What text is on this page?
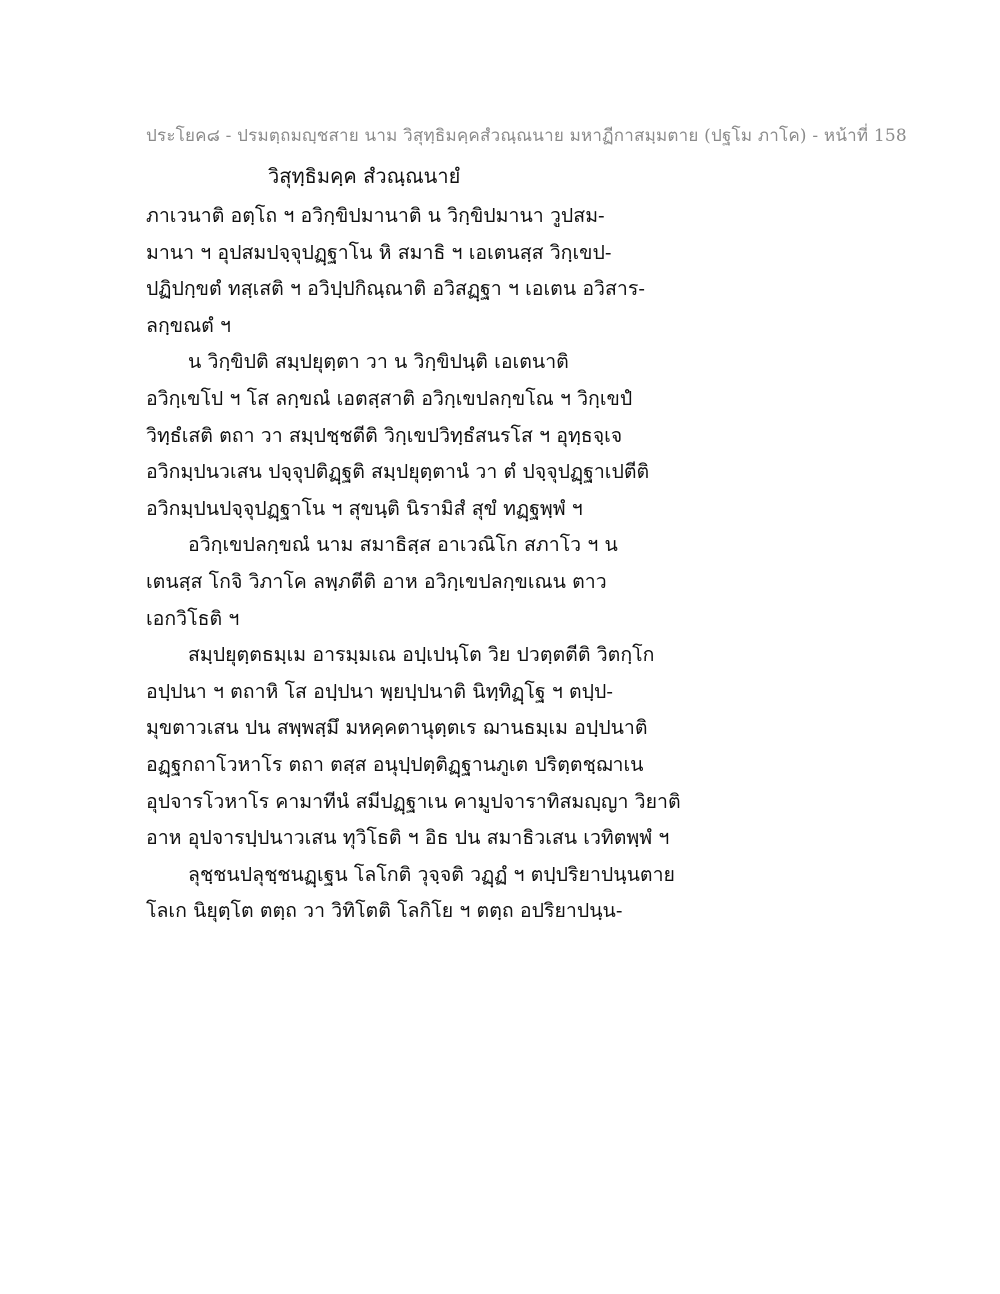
ประโยค๘ - ปรมตฺถมญฺชสาย นาม วิสุทฺธิมคฺคสํวณฺณนาย มหาฏีกาสมฺมตาย (ปฐโม ภาโค) - หน้าที่ 158
วิสุทฺธิมคฺค สํวณฺณนายํ
ภาเวนาติ อตฺโถ ฯ อวิกฺขิปมานาติ น วิกฺขิปมานา วูปสม-
มานา ฯ อุปสมปจฺจุปฏฺฐาโน หิ สมาธิ ฯ เอเตนสฺส วิกฺเขป-
ปฏิปกฺขตํ ทสฺเสติ ฯ อวิปฺปกิณฺณาติ อวิสฏฺฐา ฯ เอเตน อวิสาร-
ลกฺขณตํ ฯ
น วิกฺขิปติ สมฺปยุตฺตา วา น วิกฺขิปนฺติ เอเตนาติ
อวิกฺเขโป ฯ โส ลกฺขณํ เอตสฺสาติ อวิกฺเขปลกฺขโณ ฯ วิกฺเขปํ
วิทฺธํเสติ ตถา วา สมฺปชฺชตีติ วิกฺเขปวิทฺธํสนรโส ฯ อุทฺธจฺเจ
อวิกมฺปนวเสน ปจฺจุปติฏฺฐติ สมฺปยุตฺตานํ วา ตํ ปจฺจุปฏฺฐาเปตีติ
อวิกมฺปนปจฺจุปฏฺฐาโน ฯ สุขนฺติ นิรามิสํ สุขํ ทฏฺฐพฺพํ ฯ
อวิกฺเขปลกฺขณํ นาม สมาธิสฺส อาเวณิโก สภาโว ฯ น
เตนสฺส โกจิ วิภาโค ลพฺภตีติ อาห อวิกฺเขปลกฺขเณน ตาว
เอกวิโธติ ฯ
สมฺปยุตฺตธมฺเม อารมฺมเณ อปฺเปนฺโต วิย ปวตฺตตีติ วิตกฺโก
อปฺปนา ฯ ตถาหิ โส อปฺปนา พฺยปฺปนาติ นิทฺทิฏฺโฐ ฯ ตปฺป-
มุขตาวเสน ปน สพฺพสฺมึ มหคฺคตานุตฺตเร ฌานธมฺเม อปฺปนาติ
อฏฺฐกถาโวหาโร ตถา ตสฺส อนุปฺปตฺติฏฺฐานภูเต ปริตฺตชฺฌาเน
อุปจารโวหาโร คามาทีนํ สมีปฏฺฐาเน คามูปจาราทิสมญฺญา วิยาติ
อาห อุปจารปฺปนาวเสน ทุวิโธติ ฯ อิธ ปน สมาธิวเสน เวทิตพฺพํ ฯ
ลุชฺชนปลุชฺชนฏฺเฐน โลโกติ วุจฺจติ วฏฺฏํ ฯ ตปฺปริยาปนฺนตาย
โลเก นิยุตฺโต ตตฺถ วา วิทิโตติ โลกิโย ฯ ตตฺถ อปริยาปนฺน-
